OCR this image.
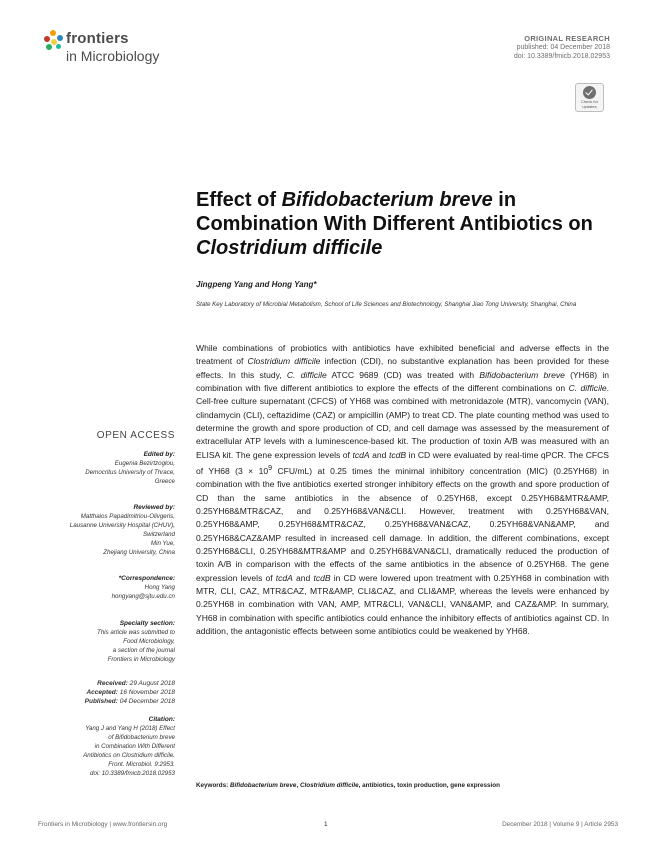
frontiers
in Microbiology
ORIGINAL RESEARCH
published: 04 December 2018
doi: 10.3389/fmicb.2018.02953
Check for
updates
Effect of Bifidobacterium breve in Combination With Different Antibiotics on Clostridium difficile
Jingpeng Yang and Hong Yang*
State Key Laboratory of Microbial Metabolism, School of Life Sciences and Biotechnology, Shanghai Jiao Tong University, Shanghai, China
While combinations of probiotics with antibiotics have exhibited beneficial and adverse effects in the treatment of Clostridium difficile infection (CDI), no substantive explanation has been provided for these effects. In this study, C. difficile ATCC 9689 (CD) was treated with Bifidobacterium breve (YH68) in combination with five different antibiotics to explore the effects of the different combinations on C. difficile. Cell-free culture supernatant (CFCS) of YH68 was combined with metronidazole (MTR), vancomycin (VAN), clindamycin (CLI), ceftazidime (CAZ) or ampicillin (AMP) to treat CD. The plate counting method was used to determine the growth and spore production of CD, and cell damage was assessed by the measurement of extracellular ATP levels with a luminescence-based kit. The production of toxin A/B was measured with an ELISA kit. The gene expression levels of tcdA and tcdB in CD were evaluated by real-time qPCR. The CFCS of YH68 ($3 \times 10^9$ CFU/mL) at 0.25 times the minimal inhibitory concentration (MIC) (0.25YH68) in combination with the five antibiotics exerted stronger inhibitory effects on the growth and spore production of CD than the same antibiotics in the absence of 0.25YH68, except 0.25YH68&MTR&AMP, 0.25YH68&MTR&CAZ, and 0.25YH68&VAN&CLI. However, treatment with 0.25YH68&VAN, 0.25YH68&AMP, 0.25YH68&MTR&CAZ, 0.25YH68&VAN&CAZ, 0.25YH68&VAN&AMP, and 0.25YH68&CAZ&AMP resulted in increased cell damage. In addition, the different combinations, except 0.25YH68&CLI, 0.25YH68&MTR&AMP and 0.25YH68&VAN&CLI, dramatically reduced the production of toxin A/B in comparison with the effects of the same antibiotics in the absence of 0.25YH68. The gene expression levels of tcdA and tcdB in CD were lowered upon treatment with 0.25YH68 in combination with MTR, CLI, CAZ, MTR&CAZ, MTR&AMP, CLI&CAZ, and CLI&AMP, whereas the levels were enhanced by 0.25YH68 in combination with VAN, AMP, MTR&CLI, VAN&CLI, VAN&AMP, and CAZ&AMP. In summary, YH68 in combination with specific antibiotics could enhance the inhibitory effects of antibiotics against CD. In addition, the antagonistic effects between some antibiotics could be weakened by YH68.
OPEN ACCESS
Edited by:
Eugenia Bezirtzoglou,
Democritus University of Thrace,
Greece
Reviewed by:
Matthaios Papadimitriou-Olivgeris,
Lausanne University Hospital (CHUV),
Switzerland
Min Yue,
Zhejiang University, China
*Correspondence:
Hong Yang
hongyang@sjtu.edu.cn
Specialty section:
This article was submitted to
Food Microbiology,
a section of the journal
Frontiers in Microbiology
Received: 29 August 2018
Accepted: 16 November 2018
Published: 04 December 2018
Citation:
Yang J and Yang H (2018) Effect
of Bifidobacterium breve
in Combination With Different
Antibiotics on Clostridium difficile.
Front. Microbiol. 9:2953.
doi: 10.3389/fmicb.2018.02953
Keywords: Bifidobacterium breve, Clostridium difficile, antibiotics, toxin production, gene expression
Frontiers in Microbiology | www.frontiersin.org	1	December 2018 | Volume 9 | Article 2953
